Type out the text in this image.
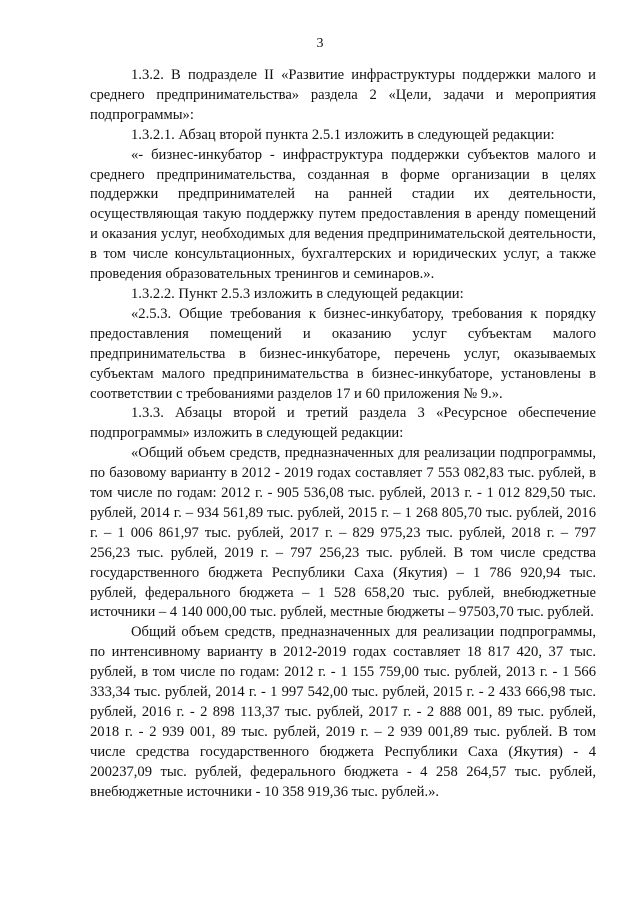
3

1.3.2. В подразделе II «Развитие инфраструктуры поддержки малого и среднего предпринимательства» раздела 2 «Цели, задачи и мероприятия подпрограммы»:

1.3.2.1. Абзац второй пункта 2.5.1 изложить в следующей редакции:

«- бизнес-инкубатор - инфраструктура поддержки субъектов малого и среднего предпринимательства, созданная в форме организации в целях поддержки предпринимателей на ранней стадии их деятельности, осуществляющая такую поддержку путем предоставления в аренду помещений и оказания услуг, необходимых для ведения предпринимательской деятельности, в том числе консультационных, бухгалтерских и юридических услуг, а также проведения образовательных тренингов и семинаров.».

1.3.2.2. Пункт 2.5.3 изложить в следующей редакции:

«2.5.3. Общие требования к бизнес-инкубатору, требования к порядку предоставления помещений и оказанию услуг субъектам малого предпринимательства в бизнес-инкубаторе, перечень услуг, оказываемых субъектам малого предпринимательства в бизнес-инкубаторе, установлены в соответствии с требованиями разделов 17 и 60 приложения № 9.».

1.3.3. Абзацы второй и третий раздела 3 «Ресурсное обеспечение подпрограммы» изложить в следующей редакции:

«Общий объем средств, предназначенных для реализации подпрограммы, по базовому варианту в 2012 - 2019 годах составляет 7 553 082,83 тыс. рублей, в том числе по годам: 2012 г. - 905 536,08 тыс. рублей, 2013 г. - 1 012 829,50 тыс. рублей, 2014 г. – 934 561,89 тыс. рублей, 2015 г. – 1 268 805,70 тыс. рублей, 2016 г. – 1 006 861,97 тыс. рублей, 2017 г. – 829 975,23 тыс. рублей, 2018 г. – 797 256,23 тыс. рублей, 2019 г. – 797 256,23 тыс. рублей. В том числе средства государственного бюджета Республики Саха (Якутия) – 1 786 920,94 тыс. рублей, федерального бюджета – 1 528 658,20 тыс. рублей, внебюджетные источники – 4 140 000,00 тыс. рублей, местные бюджеты – 97503,70 тыс. рублей.

Общий объем средств, предназначенных для реализации подпрограммы, по интенсивному варианту в 2012-2019 годах составляет 18 817 420, 37 тыс. рублей, в том числе по годам: 2012 г. - 1 155 759,00 тыс. рублей, 2013 г. - 1 566 333,34 тыс. рублей, 2014 г. - 1 997 542,00 тыс. рублей, 2015 г. - 2 433 666,98 тыс. рублей, 2016 г. - 2 898 113,37 тыс. рублей, 2017 г. - 2 888 001, 89 тыс. рублей, 2018 г. - 2 939 001, 89 тыс. рублей, 2019 г. – 2 939 001,89 тыс. рублей. В том числе средства государственного бюджета Республики Саха (Якутия) - 4 200237,09 тыс. рублей, федерального бюджета - 4 258 264,57 тыс. рублей, внебюджетные источники - 10 358 919,36 тыс. рублей.».
